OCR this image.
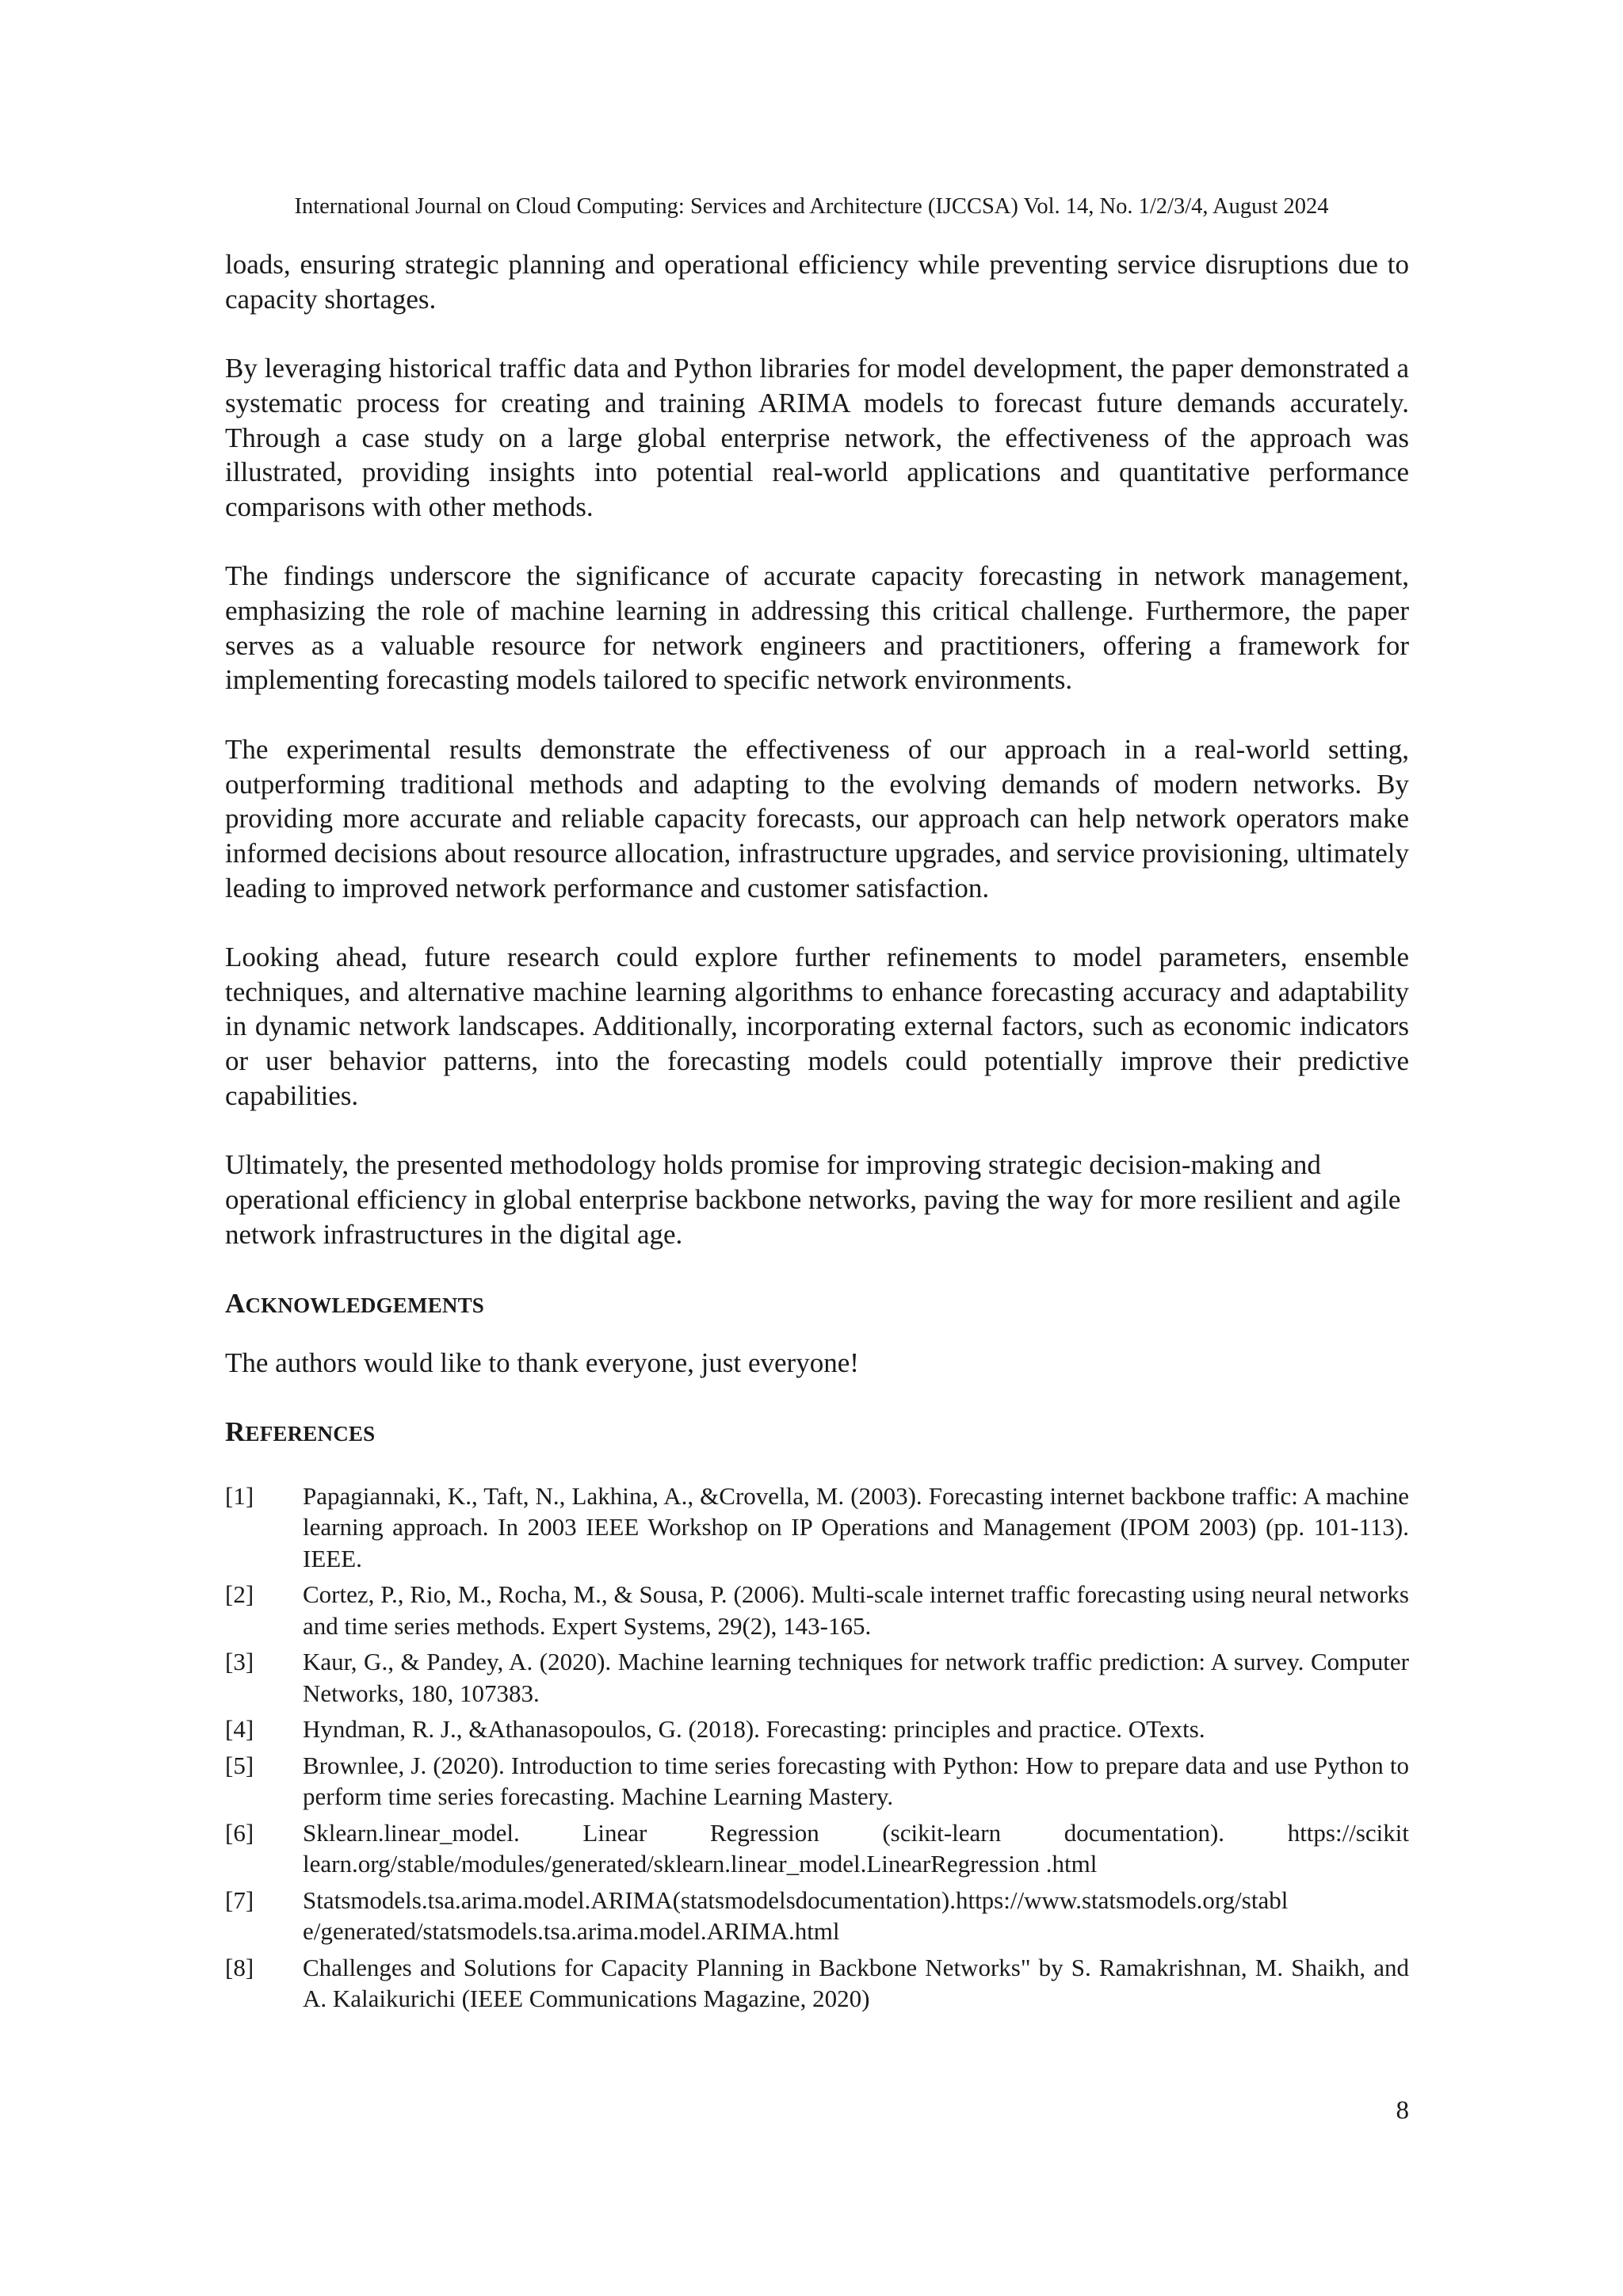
International Journal on Cloud Computing: Services and Architecture (IJCCSA) Vol. 14, No. 1/2/3/4, August 2024

loads, ensuring strategic planning and operational efficiency while preventing service disruptions due to capacity shortages.

By leveraging historical traffic data and Python libraries for model development, the paper demonstrated a systematic process for creating and training ARIMA models to forecast future demands accurately. Through a case study on a large global enterprise network, the effectiveness of the approach was illustrated, providing insights into potential real-world applications and quantitative performance comparisons with other methods.

The findings underscore the significance of accurate capacity forecasting in network management, emphasizing the role of machine learning in addressing this critical challenge. Furthermore, the paper serves as a valuable resource for network engineers and practitioners, offering a framework for implementing forecasting models tailored to specific network environments.

The experimental results demonstrate the effectiveness of our approach in a real-world setting, outperforming traditional methods and adapting to the evolving demands of modern networks. By providing more accurate and reliable capacity forecasts, our approach can help network operators make informed decisions about resource allocation, infrastructure upgrades, and service provisioning, ultimately leading to improved network performance and customer satisfaction.

Looking ahead, future research could explore further refinements to model parameters, ensemble techniques, and alternative machine learning algorithms to enhance forecasting accuracy and adaptability in dynamic network landscapes. Additionally, incorporating external factors, such as economic indicators or user behavior patterns, into the forecasting models could potentially improve their predictive capabilities.

Ultimately, the presented methodology holds promise for improving strategic decision-making and operational efficiency in global enterprise backbone networks, paving the way for more resilient and agile network infrastructures in the digital age.

ACKNOWLEDGEMENTS

The authors would like to thank everyone, just everyone!

REFERENCES
[1]	Papagiannaki, K., Taft, N., Lakhina, A., &Crovella, M. (2003). Forecasting internet backbone traffic: A machine learning approach. In 2003 IEEE Workshop on IP Operations and Management (IPOM 2003) (pp. 101-113). IEEE.
[2]	Cortez, P., Rio, M., Rocha, M., & Sousa, P. (2006). Multi-scale internet traffic forecasting using neural networks and time series methods. Expert Systems, 29(2), 143-165.
[3]	Kaur, G., & Pandey, A. (2020). Machine learning techniques for network traffic prediction: A survey. Computer Networks, 180, 107383.
[4]	Hyndman, R. J., &Athanasopoulos, G. (2018). Forecasting: principles and practice. OTexts.
[5]	Brownlee, J. (2020). Introduction to time series forecasting with Python: How to prepare data and use Python to perform time series forecasting. Machine Learning Mastery.
[6]	Sklearn.linear_model. Linear Regression (scikit-learn documentation). https://scikit learn.org/stable/modules/generated/sklearn.linear_model.LinearRegression .html
[7]	Statsmodels.tsa.arima.model.ARIMA(statsmodelsdocumentation).https://www.statsmodels.org/stabl e/generated/statsmodels.tsa.arima.model.ARIMA.html
[8]	Challenges and Solutions for Capacity Planning in Backbone Networks" by S. Ramakrishnan, M. Shaikh, and A. Kalaikurichi (IEEE Communications Magazine, 2020)
8
